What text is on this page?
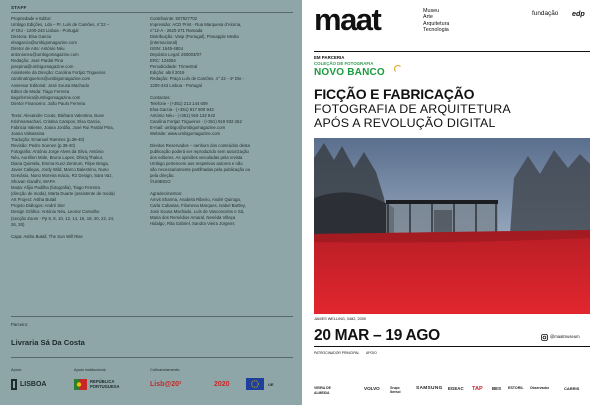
STAFF

Propriedade e Editor:

Umbigo Edições, Lda – Pr. Luís de Camões, n°22 –

4º Dto - 1200-243 Lisboa - Portugal

Diretora: Elsa Garcia

elsagarcia@umbigomagazine.com

Diretor de Arte: António Néu

antonioneu@umbigomagazine.com

Redação: José Pardal Pina

josepina@umbigomagazine.com

Assistente da Direção: Carolina Fortjaz Trigueiros

carolinatrigueiros@umbigomagazine.com

Assessor Editorial: José Sousa Machado

Editor de Moda: Tiago Ferreira

tiagoferreira@umbigomagazine.com

Diretor Financeiro: João Paulo Ferreira

Texto: Alexandre Couto, Bárbara Valentina, Bose

Krishnamachari, Cristina Campos, Elsa Garcia,

Fabricia Valente, Joana Jordão, José Rui Pardal Pina,

Joana Valsassina

Tradução: Emanuel Ramires (p.38-40)

Revisão: Pedro Soenen (p.38-40)

Fotografia: António Jorge Alves da Silva, António

Néu, Aurélien Mole, Bruno Lopes, Dhiraj Thakur,

Diana Quintela, Emma Kunz Zentrum, Filipe Braga,

Javier Callejas, Jordy Wild, Marco Balestrino, Nuno

Gervásio, Nuno Moreira Inácio, R2 Design, Sara Vaz,

Shovan Gandhi, WAPA

Moda: Afijio Padilha (fotografia), Tiago Ferreira

(direção de moda), Marta Duarte (assistente de moda)

Art Project: Astha Butail

Projeto Diálogos: André Sier

Design Gráfico: António Néu, Leonor Carvalho

(secção Zoom - Pp 6, 8, 10, 12, 14, 16, 18, 20, 22, 24,

26, 28)

Capa: Astha Butail, The Sun Will Rise

Contribuinte: 507927702

Impressão: ACD Print - Rua Marquesa d'Alorna,

n°12-A - 2620-271 Ramada

Distribuição: Vasp (Portugal), Pineapple Media

(internacional)

ISSN: 1645-4804

Depósito Legal: 260003/07

ERC: 124054

Periodicidade: Trimestral

Edição: abril 2019

Redação: Praça Luís de Camões, n° 22 - 4º Dto -

1200-243 Lisboa - Portugal

Contactos:

Telefone - (+351) 213 144 609

Elsa Garcia - (+351) 917 800 943

António Néu - (+351) 919 132 842

Carolina Fortjaz Trigueiros - (+351) 919 932 262

E-mail: umbigo@umbigomagazine.com

Website: www.umbigomagazine.com

Direitos Reservados – nenhum dos conteúdos desta

publicação poderá ser reproduzido sem autorização

dos editores. As opiniões veiculadas pela revista

Umbigo pertencem aos respetivos autores e não

são necessariamente partilhadas pela publicação ou

pela direção.

©UMBIGO

Agradecimentos:

Amvit Sharma, Anabela Ribeiro, André Quiroga,

Carla Cabanas, Filomena Marques, Isabel Bartley,

José Sousa Machado, Luís de Vasconcelos e Sá,

Maria dos Remédios Amaral, Nenèda Villaça

Hidalgo, Rita Gabriel, Sandra Vieira Jürgens

Parceiro:
Livraria Sá Da Costa
Apoio:	Apoio institucional:	Cofinanciamento:
LISBOA	REPÚBLICA PORTUGUESA	Lisb@20²	2020	UE
maat	Museu
Arte
Arquitetura
Tecnologia
fundação edp
EM PARCERIA
COLEÇÃO DE FOTOGRAFIA
NOVO BANCO
FICÇÃO E FABRICAÇÃO
FOTOGRAFIA DE ARQUITETURA
APÓS A REVOLUÇÃO DIGITAL
JAMES WELLING, 0482, 2009
20 MAR – 19 AGO	@maatmuseum
PATROCINADOR PRINCIPAL APOIO
VIEIRA DE ALMEIDA
VOLVO	Grupo Ibersol
SAMSUNG EGEAC TAP BES ESTORIL Observador	CARRIS
